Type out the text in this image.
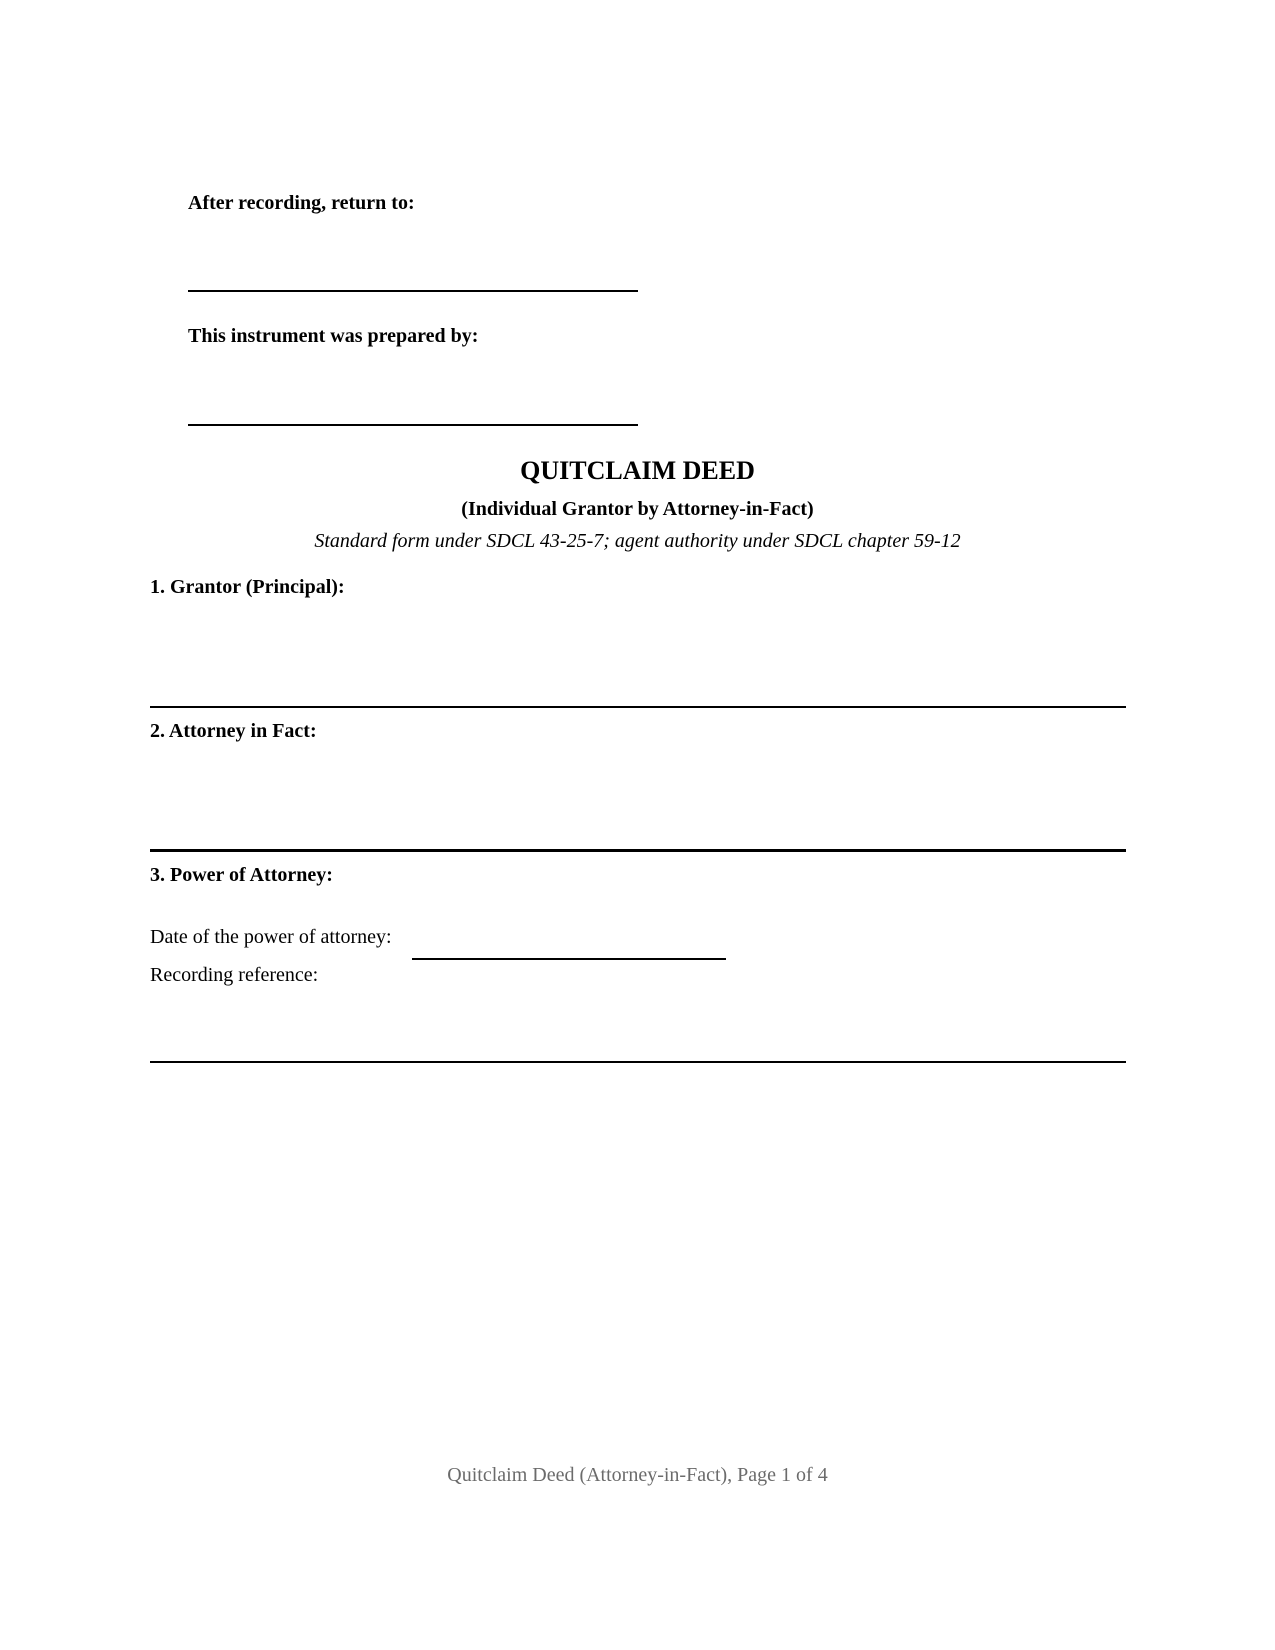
After recording, return to:
This instrument was prepared by:
QUITCLAIM DEED
(Individual Grantor by Attorney-in-Fact)
Standard form under SDCL 43-25-7; agent authority under SDCL chapter 59-12
1. Grantor (Principal):
2. Attorney in Fact:
3. Power of Attorney:
Date of the power of attorney:
Recording reference:
Quitclaim Deed (Attorney-in-Fact), Page 1 of 4
